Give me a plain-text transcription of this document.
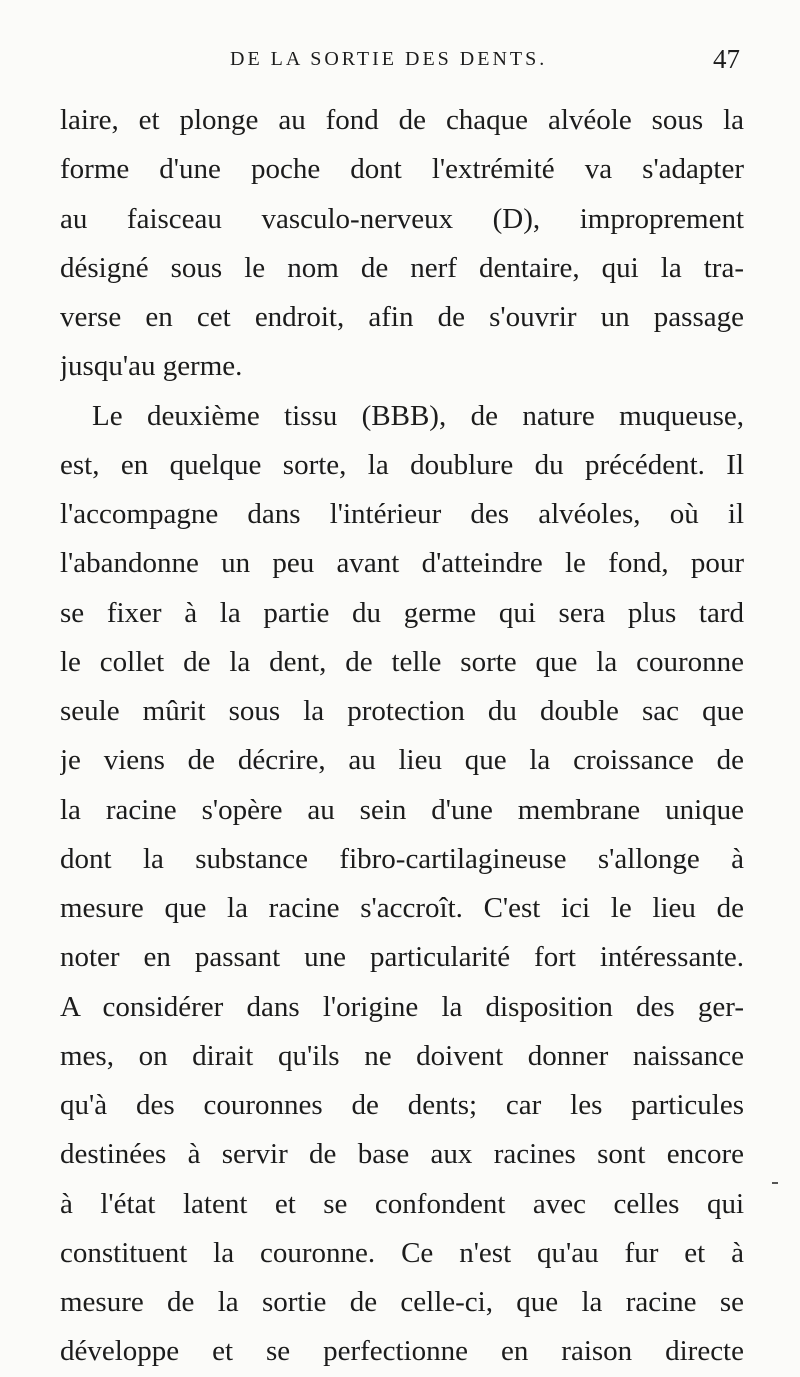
DE LA SORTIE DES DENTS.	47
laire, et plonge au fond de chaque alvéole sous la
forme d'une poche dont l'extrémité va s'adapter
au faisceau vasculo-nerveux (D), improprement
désigné sous le nom de nerf dentaire, qui la tra-
verse en cet endroit, afin de s'ouvrir un passage
jusqu'au germe.
Le deuxième tissu (BBB), de nature muqueuse,
est, en quelque sorte, la doublure du précédent. Il
l'accompagne dans l'intérieur des alvéoles, où il
l'abandonne un peu avant d'atteindre le fond, pour
se fixer à la partie du germe qui sera plus tard
le collet de la dent, de telle sorte que la couronne
seule mûrit sous la protection du double sac que
je viens de décrire, au lieu que la croissance de
la racine s'opère au sein d'une membrane unique
dont la substance fibro-cartilagineuse s'allonge à
mesure que la racine s'accroît. C'est ici le lieu de
noter en passant une particularité fort intéressante.
A considérer dans l'origine la disposition des ger-
mes, on dirait qu'ils ne doivent donner naissance
qu'à des couronnes de dents; car les particules
destinées à servir de base aux racines sont encore
à l'état latent et se confondent avec celles qui
constituent la couronne. Ce n'est qu'au fur et à
mesure de la sortie de celle-ci, que la racine se
développe et se perfectionne en raison directe
